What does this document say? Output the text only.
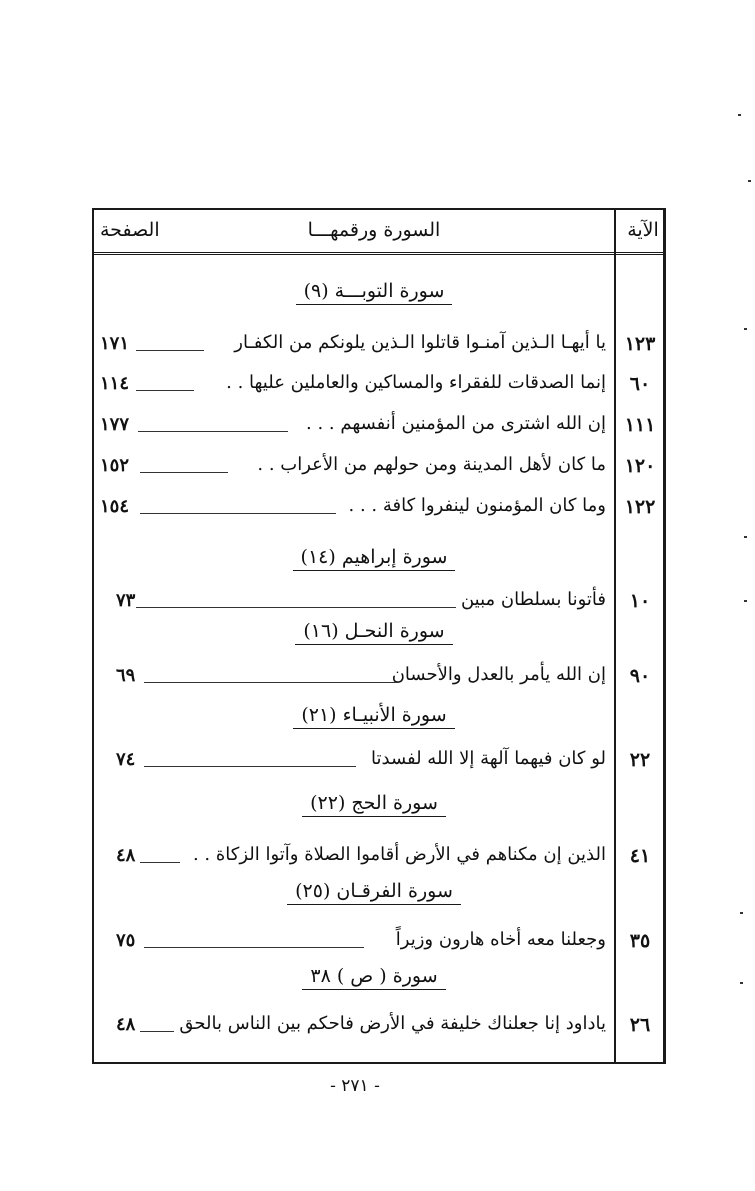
الصفحة	السورة ورقمهـــا	الآية
سورة التوبـــة (٩)
١٢٣
يا أيهـا الـذين آمنـوا قاتلوا الـذين يلونكم من الكفـار
١٧١
٦٠
إنما الصدقات للفقراء والمساكين والعاملين عليها . .
١١٤
١١١
إن الله اشترى من المؤمنين أنفسهم . . .
١٧٧
١٢٠
ما كان لأهل المدينة ومن حولهم من الأعراب . .
١٥٢
١٢٢
وما كان المؤمنون لينفروا كافة . . .
١٥٤
سورة إبراهيم (١٤)
١٠
فأتونا بسلطان مبين
٧٣
سورة النحـل (١٦)
٩٠
إن الله يأمر بالعدل والأحسان
٦٩
سورة الأنبيـاء (٢١)
٢٢
لو كان فيهما آلهة إلا الله لفسدتا
٧٤
سورة الحج (٢٢)
٤١
الذين إن مكناهم في الأرض أقاموا الصلاة وآتوا الزكاة . .
٤٨
سورة الفرقـان (٢٥)
٣٥
وجعلنا معه أخاه هارون وزيراً
٧٥
سورة ( ص ) ٣٨
٢٦
ياداود إنا جعلناك خليفة في الأرض فاحكم بين الناس بالحق
٤٨
- ٢٧١ -
